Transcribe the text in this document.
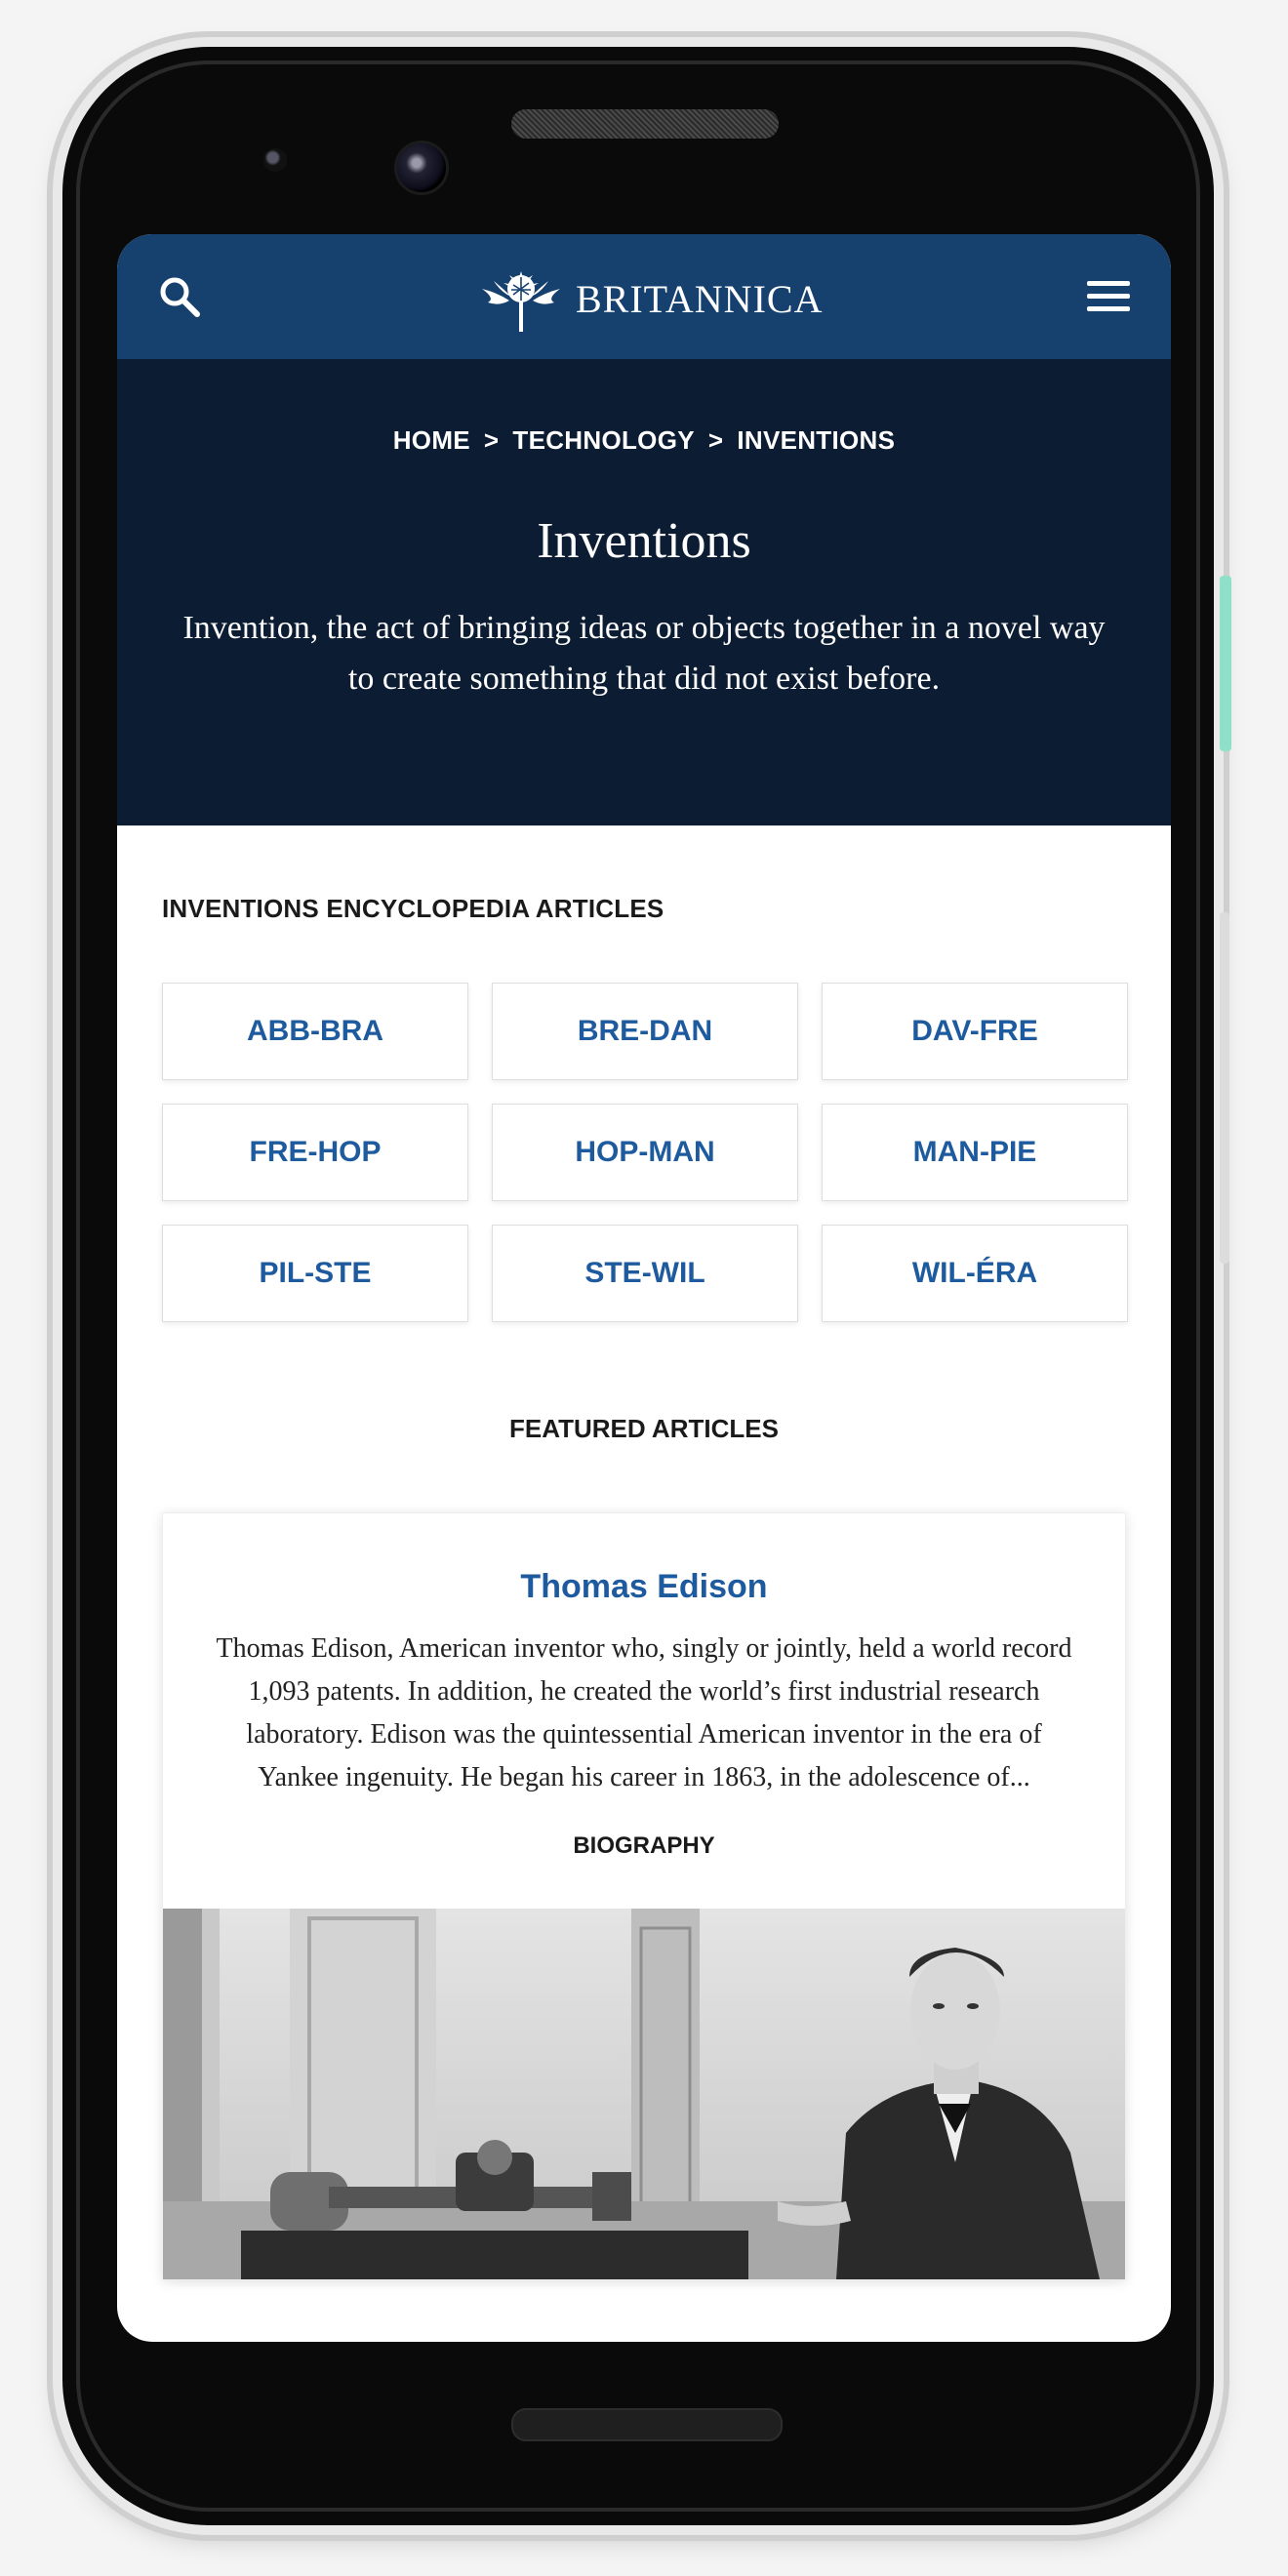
BRITANNICA
HOME > TECHNOLOGY > INVENTIONS
Inventions
Invention, the act of bringing ideas or objects together in a novel way to create something that did not exist before.
INVENTIONS ENCYCLOPEDIA ARTICLES
ABB-BRA	BRE-DAN	DAV-FRE
FRE-HOP	HOP-MAN	MAN-PIE
PIL-STE	STE-WIL	WIL-ÉRA
FEATURED ARTICLES
Thomas Edison
Thomas Edison, American inventor who, singly or jointly, held a world record 1,093 patents. In addition, he created the world’s first industrial research laboratory. Edison was the quintessential American inventor in the era of Yankee ingenuity. He began his career in 1863, in the adolescence of...
BIOGRAPHY
